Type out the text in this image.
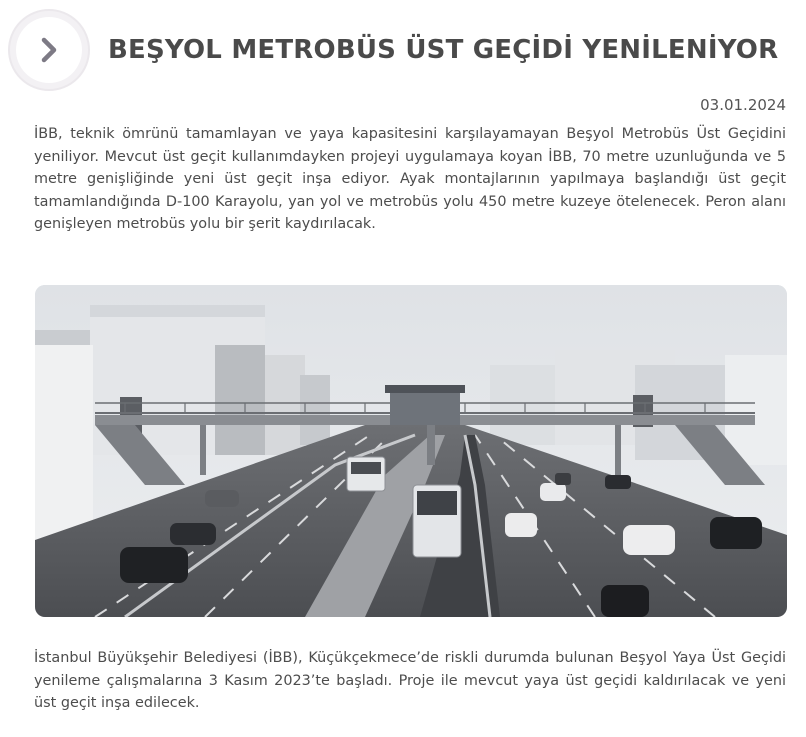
BEŞYOL METROBÜS ÜST GEÇİDİ YENİLENİYOR
03.01.2024

İBB, teknik ömrünü tamamlayan ve yaya kapasitesini karşılayamayan Beşyol Metrobüs Üst Geçidini yeniliyor. Mevcut üst geçit kullanımdayken projeyi uygulamaya koyan İBB, 70 metre uzunluğunda ve 5 metre genişliğinde yeni üst geçit inşa ediyor. Ayak montajlarının yapılmaya başlandığı üst geçit tamamlandığında D-100 Karayolu, yan yol ve metrobüs yolu 450 metre kuzeye ötelenecek. Peron alanı genişleyen metrobüs yolu bir şerit kaydırılacak.

İstanbul Büyükşehir Belediyesi (İBB), Küçükçekmece’de riskli durumda bulunan Beşyol Yaya Üst Geçidi yenileme çalışmalarına 3 Kasım 2023’te başladı. Proje ile mevcut yaya üst geçidi kaldırılacak ve yeni üst geçit inşa edilecek.
